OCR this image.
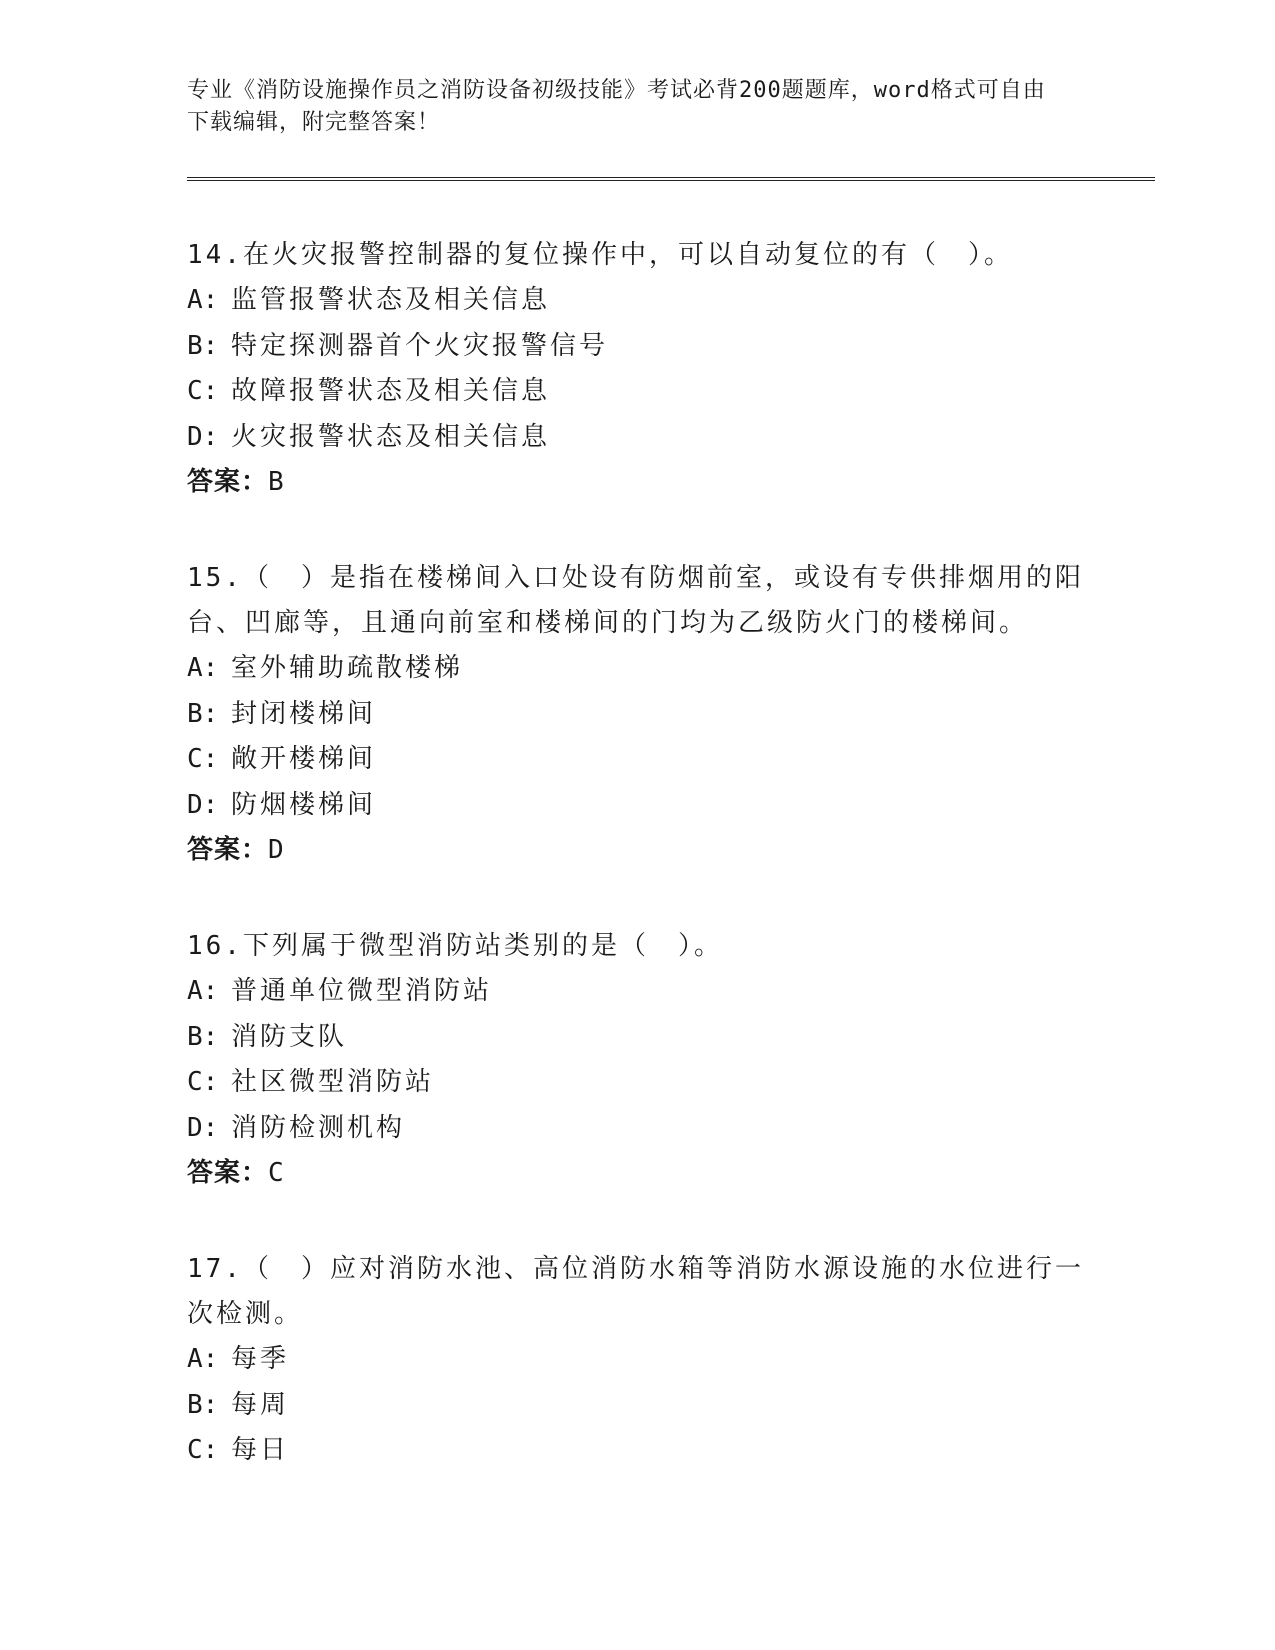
专业《消防设施操作员之消防设备初级技能》考试必背200题题库，word格式可自由下载编辑，附完整答案！

14.在火灾报警控制器的复位操作中，可以自动复位的有（　）。

A: 监管报警状态及相关信息

B: 特定探测器首个火灾报警信号

C: 故障报警状态及相关信息

D: 火灾报警状态及相关信息

答案：B

15.（　）是指在楼梯间入口处设有防烟前室，或设有专供排烟用的阳台、凹廊等，且通向前室和楼梯间的门均为乙级防火门的楼梯间。

A: 室外辅助疏散楼梯

B: 封闭楼梯间

C: 敞开楼梯间

D: 防烟楼梯间

答案：D

16.下列属于微型消防站类别的是（　）。

A: 普通单位微型消防站

B: 消防支队

C: 社区微型消防站

D: 消防检测机构

答案：C

17.（　）应对消防水池、高位消防水箱等消防水源设施的水位进行一次检测。

A: 每季

B: 每周

C: 每日
